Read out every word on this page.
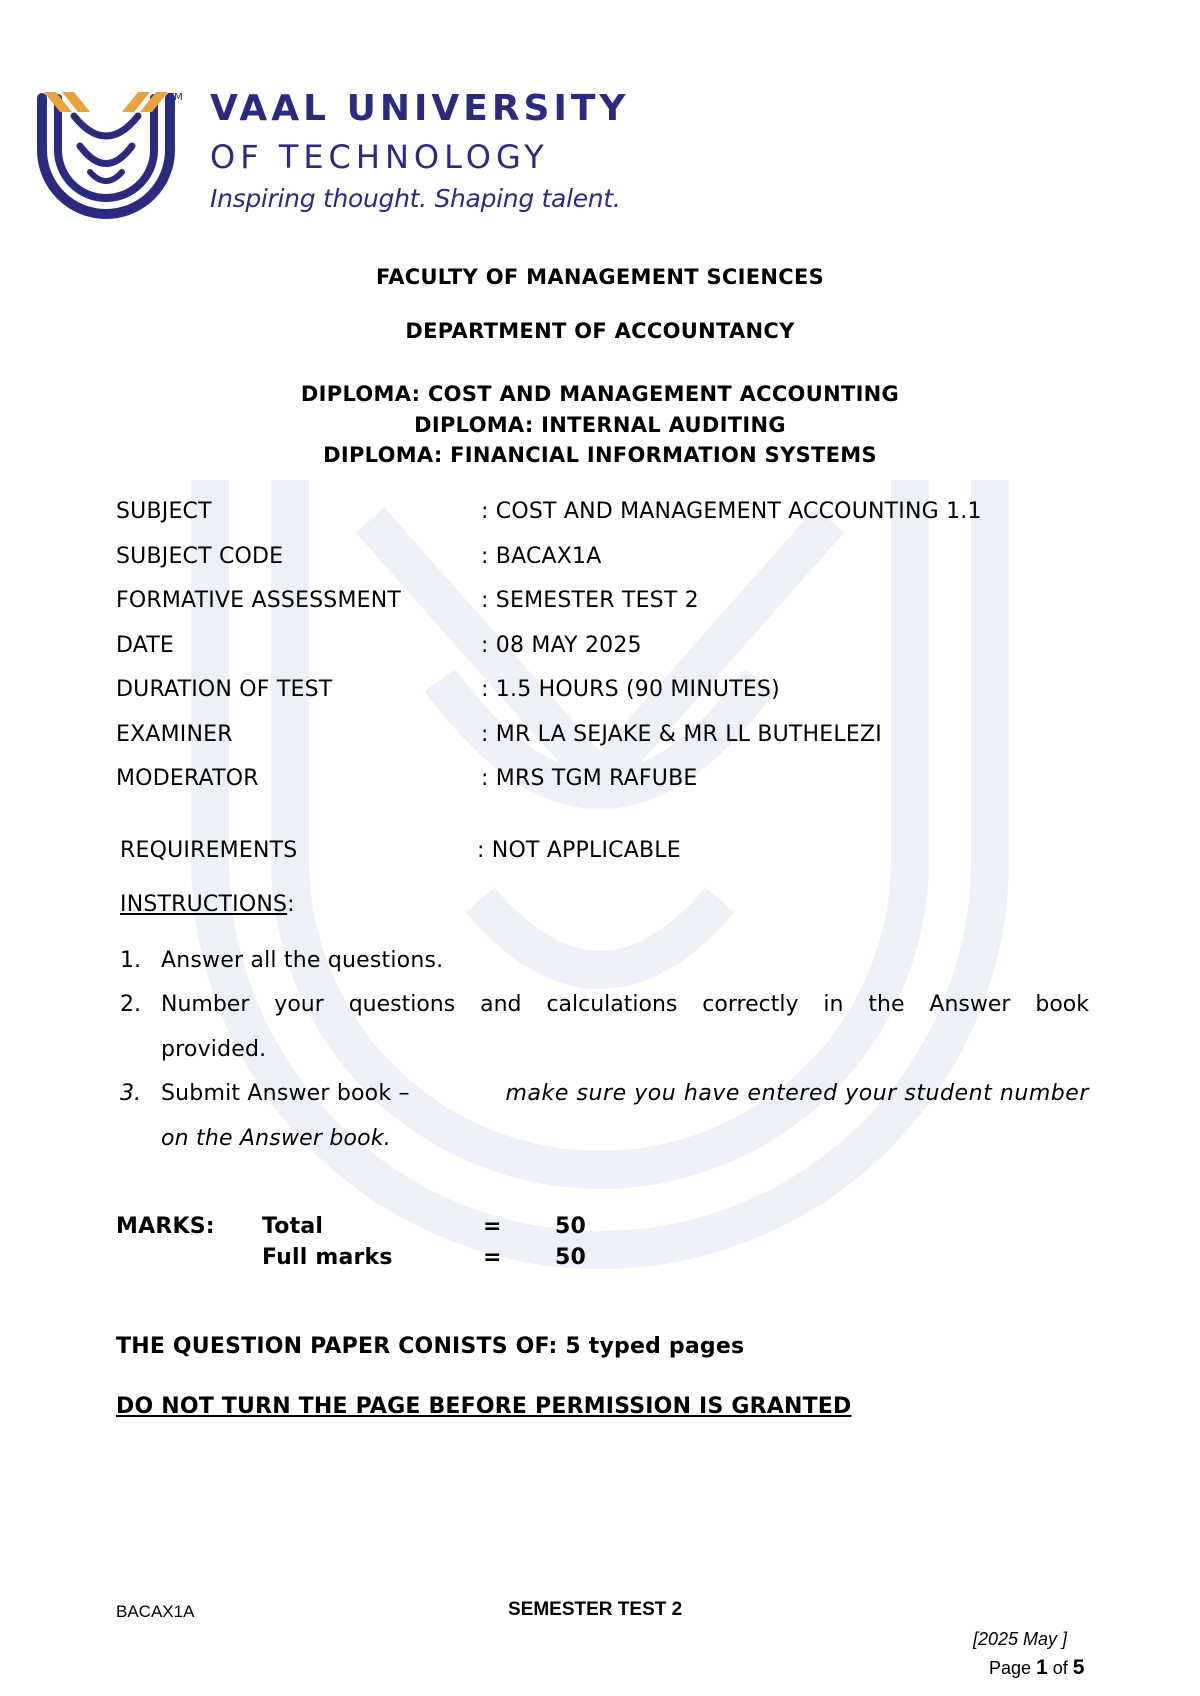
TM VAAL UNIVERSITY
OF TECHNOLOGY
Inspiring thought. Shaping talent.
FACULTY OF MANAGEMENT SCIENCES
DEPARTMENT OF ACCOUNTANCY
DIPLOMA: COST AND MANAGEMENT ACCOUNTING
DIPLOMA: INTERNAL AUDITING
DIPLOMA: FINANCIAL INFORMATION SYSTEMS
SUBJECT	: COST AND MANAGEMENT ACCOUNTING 1.1
SUBJECT CODE	: BACAX1A
FORMATIVE ASSESSMENT	: SEMESTER TEST 2
DATE	: 08 MAY 2025
DURATION OF TEST	: 1.5 HOURS (90 MINUTES)
EXAMINER	: MR LA SEJAKE & MR LL BUTHELEZI
MODERATOR	: MRS TGM RAFUBE
REQUIREMENTS	: NOT APPLICABLE
INSTRUCTIONS:
1. Answer all the questions.
2. Number your questions and calculations correctly in the Answer book
provided.
3. Submit Answer book –	make sure you have entered your student number
on the Answer book.
MARKS: Total	= 50
Full marks	= 50
THE QUESTION PAPER CONISTS OF: 5 typed pages
DO NOT TURN THE PAGE BEFORE PERMISSION IS GRANTED
BACAX1A	SEMESTER TEST 2
[2025 May ]
Page 1 of 5
